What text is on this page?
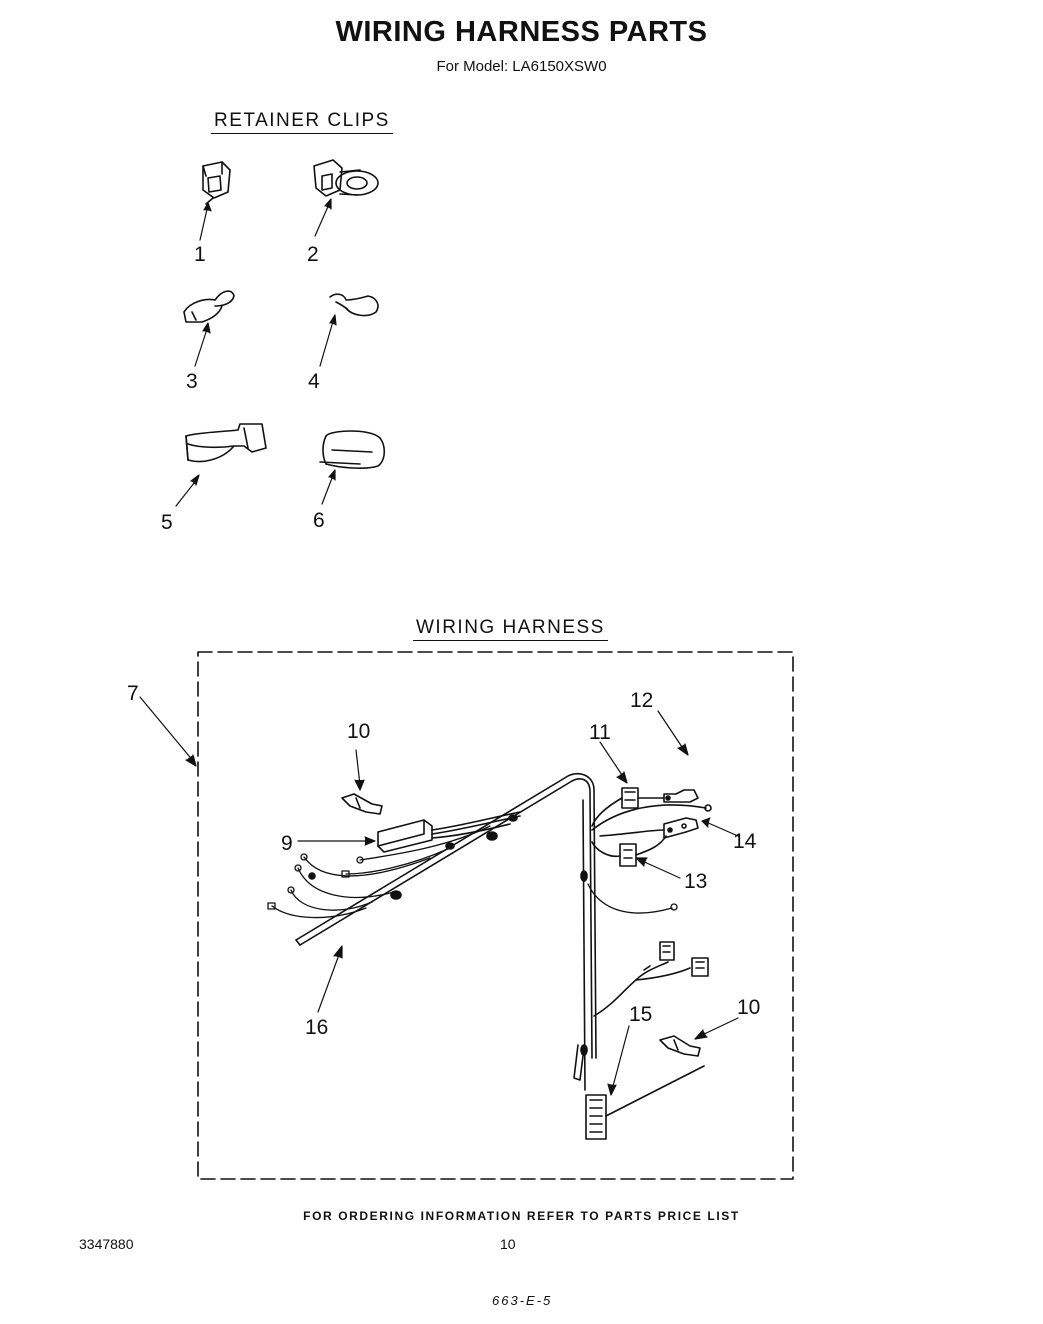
WIRING HARNESS PARTS
For Model: LA6150XSW0
RETAINER CLIPS
WIRING HARNESS
1	2
3	4
5	6
7
10
9
11
12
14
13
16
15	10
FOR ORDERING INFORMATION REFER TO PARTS PRICE LIST
3347880	10
663-E-5
